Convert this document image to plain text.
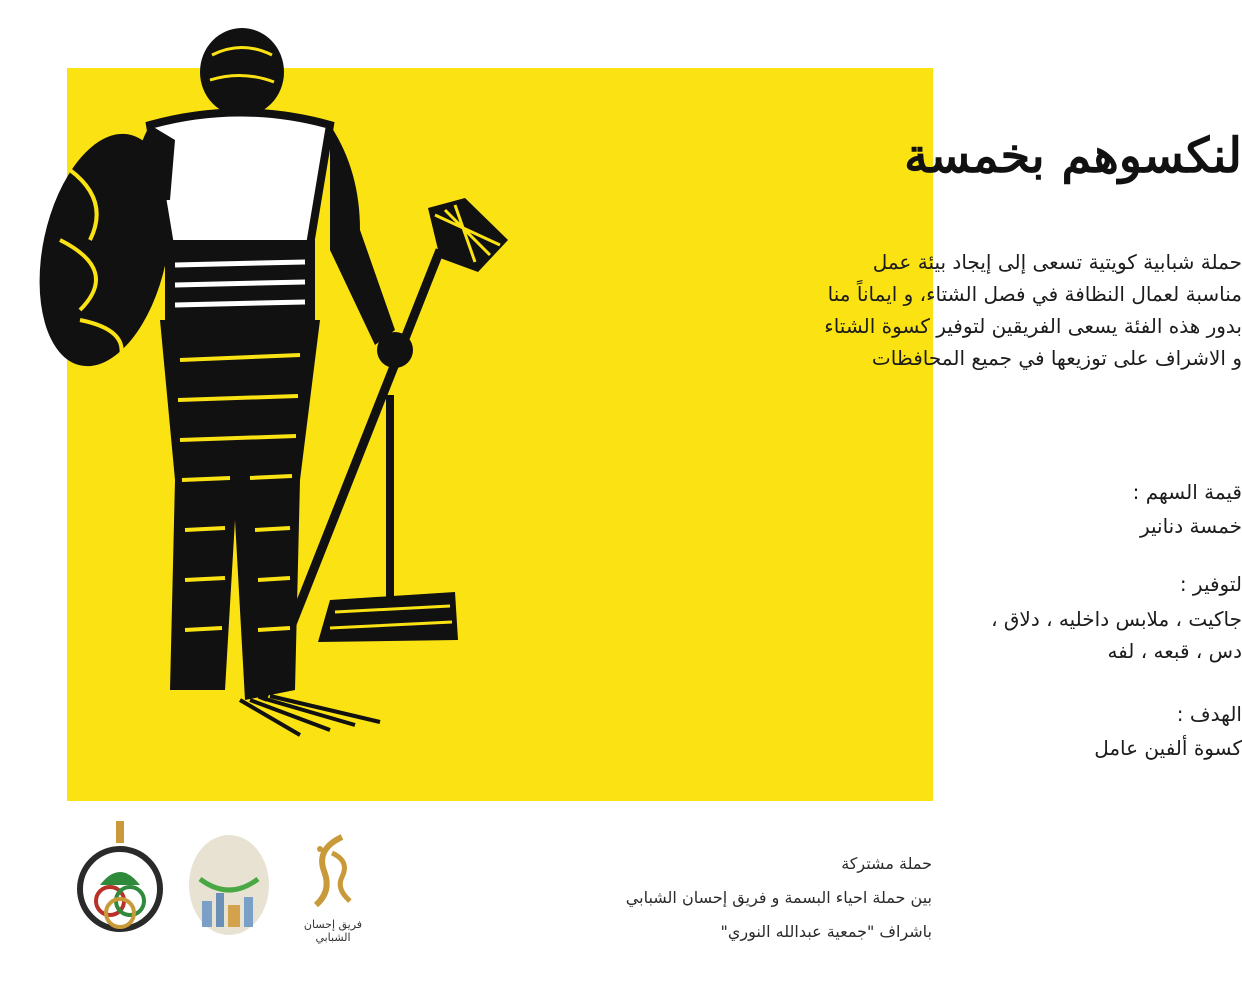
لنكسوهم بخمسة
حملة شبابية كويتية تسعى إلى إيجاد بيئة عمل مناسبة لعمال النظافة في فصل الشتاء، و ايماناً منا بدور هذه الفئة يسعى الفريقين لتوفير كسوة الشتاء و الاشراف على توزيعها في جميع المحافظات
قيمة السهم :
خمسة دنانير
لتوفير :
جاكيت ، ملابس داخليه ، دلاق ، دس ، قبعه ، لفه
الهدف :
كسوة ألفين عامل
فريق إحسان الشبابي
حملة مشتركة
بين حملة احياء البسمة و فريق إحسان الشبابي
باشراف "جمعية عبدالله النوري"
